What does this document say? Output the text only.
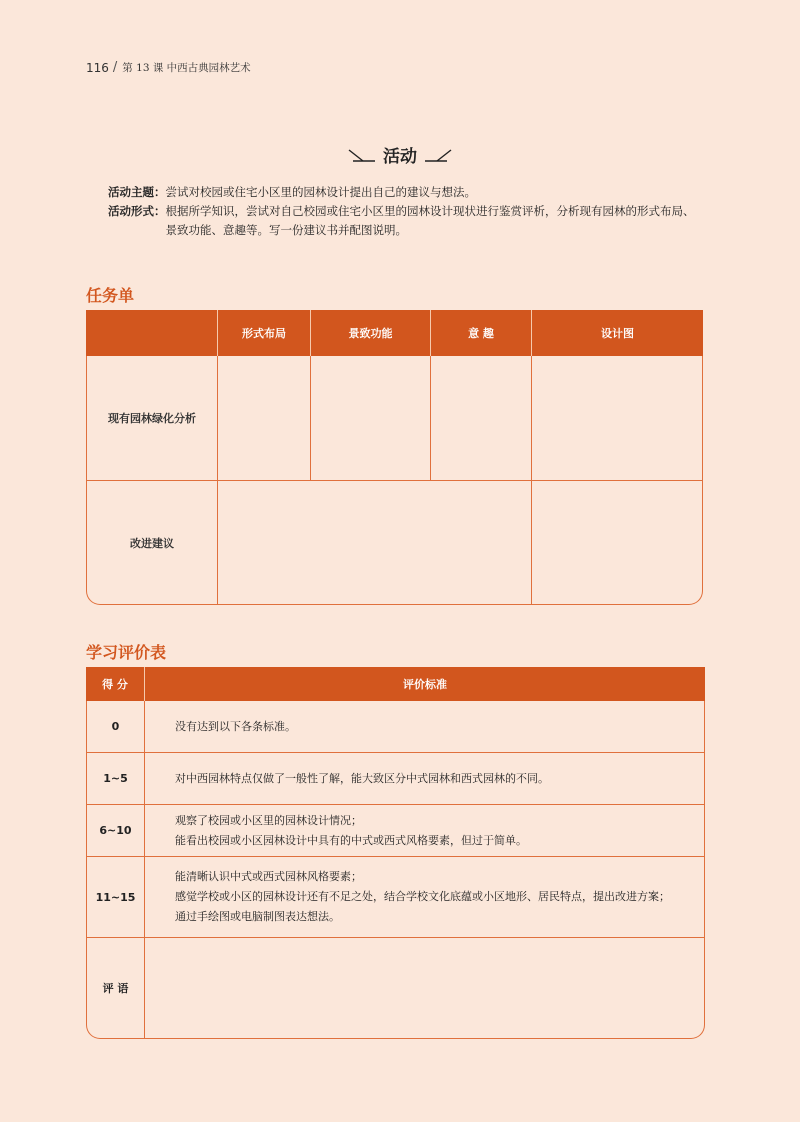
116 / 第 13 课 中西古典园林艺术
活动
活动主题： 尝试对校园或住宅小区里的园林设计提出自己的建议与想法。
活动形式： 根据所学知识，尝试对自己校园或住宅小区里的园林设计现状进行鉴赏评析，分析现有园林的形式布局、景致功能、意趣等。写一份建议书并配图说明。
任务单
	形式布局	景致功能	意 趣	设计图
现有园林绿化分析				
改进建议				
学习评价表
得 分	评价标准
0	没有达到以下各条标准。

1~5	对中西园林特点仅做了一般性了解，能大致区分中式园林和西式园林的不同。

6~10	观察了校园或小区里的园林设计情况；
能看出校园或小区园林设计中具有的中式或西式风格要素，但过于简单。

11~15	能清晰认识中式或西式园林风格要素；
感觉学校或小区的园林设计还有不足之处，结合学校文化底蕴或小区地形、居民特点，提出改进方案；
通过手绘图或电脑制图表达想法。

评 语	
